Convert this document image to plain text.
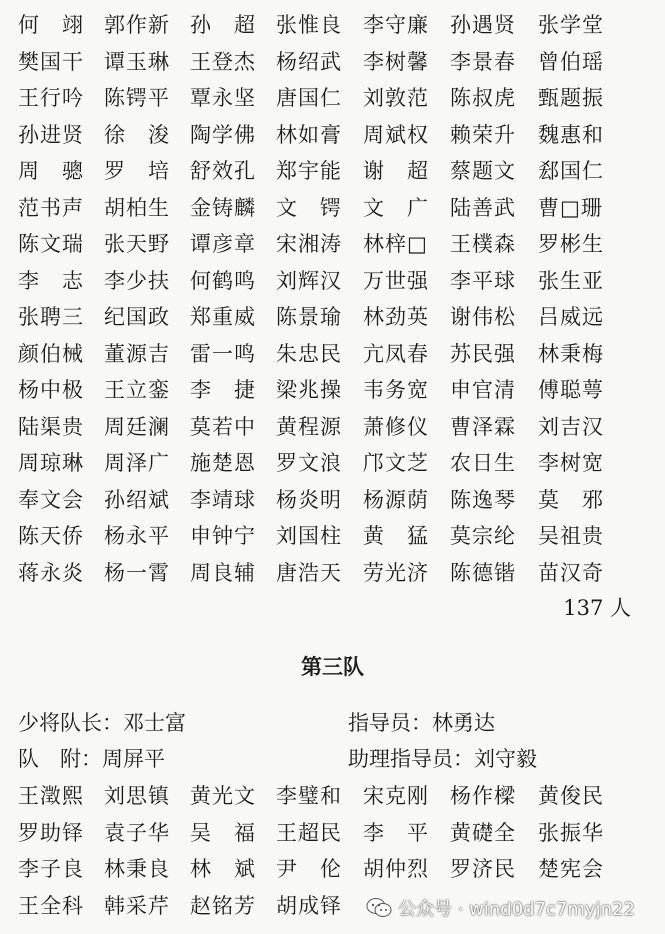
何　翊 郭作新 孙　超 张惟良	李守廉	孙遇贤	张学堂
樊国干 谭玉琳 王登杰 杨绍武	李树馨	李景春	曾伯瑶
王行吟 陈锷平 覃永坚 唐国仁	刘敦范	陈叔虎	甄题振
孙进贤 徐　浚 陶学佛 林如膏	周斌权	赖荣升	魏惠和
周　骢 罗　培 舒效孔 郑宇能	谢　超	蔡题文	郄国仁
范书声 胡柏生 金铸麟 文　锷	文　广	陆善武	曹□珊
陈文瑞 张天野 谭彦章 宋湘涛	林梓□	王樸森	罗彬生
李　志 李少扶 何鹤鸣 刘辉汉	万世强	李平球	张生亚
张聘三 纪国政 郑重威 陈景瑜	林劲英	谢伟松	吕威远
颜伯械 董源吉 雷一鸣 朱忠民	亢凤春	苏民强	林秉梅
杨中极 王立銮 李　捷 梁兆操	韦务宽	申官清	傅聪萼
陆渠贵 周廷澜 莫若中 黄程源	萧修仪	曹泽霖	刘吉汉
周琼琳 周泽广 施楚恩 罗文浪	邝文芝	农日生	李树宽
奉文会 孙绍斌 李靖球 杨炎明	杨源荫	陈逸琴	莫　邪
陈天侨 杨永平 申钟宁 刘国柱	黄　猛	莫宗纶	吴祖贵
蒋永炎 杨一霄 周良辅 唐浩天	劳光济	陈德锴	苗汉奇
137 人
第三队
少将队长：邓士富	指导员：林勇达
队　附：周屏平	助理指导员：刘守毅
王澂熙 刘思镇 黄光文 李璧和	宋克刚	杨作樑	黄俊民
罗助铎 袁子华 吴　福 王超民	李　平	黄礎全	张振华
李子良 林秉良 林　斌 尹　伦	胡仲烈	罗济民	楚宪会
王全科 韩采芹 赵铭芳 胡成铎	公众号 · wind0d7c7myjn22
